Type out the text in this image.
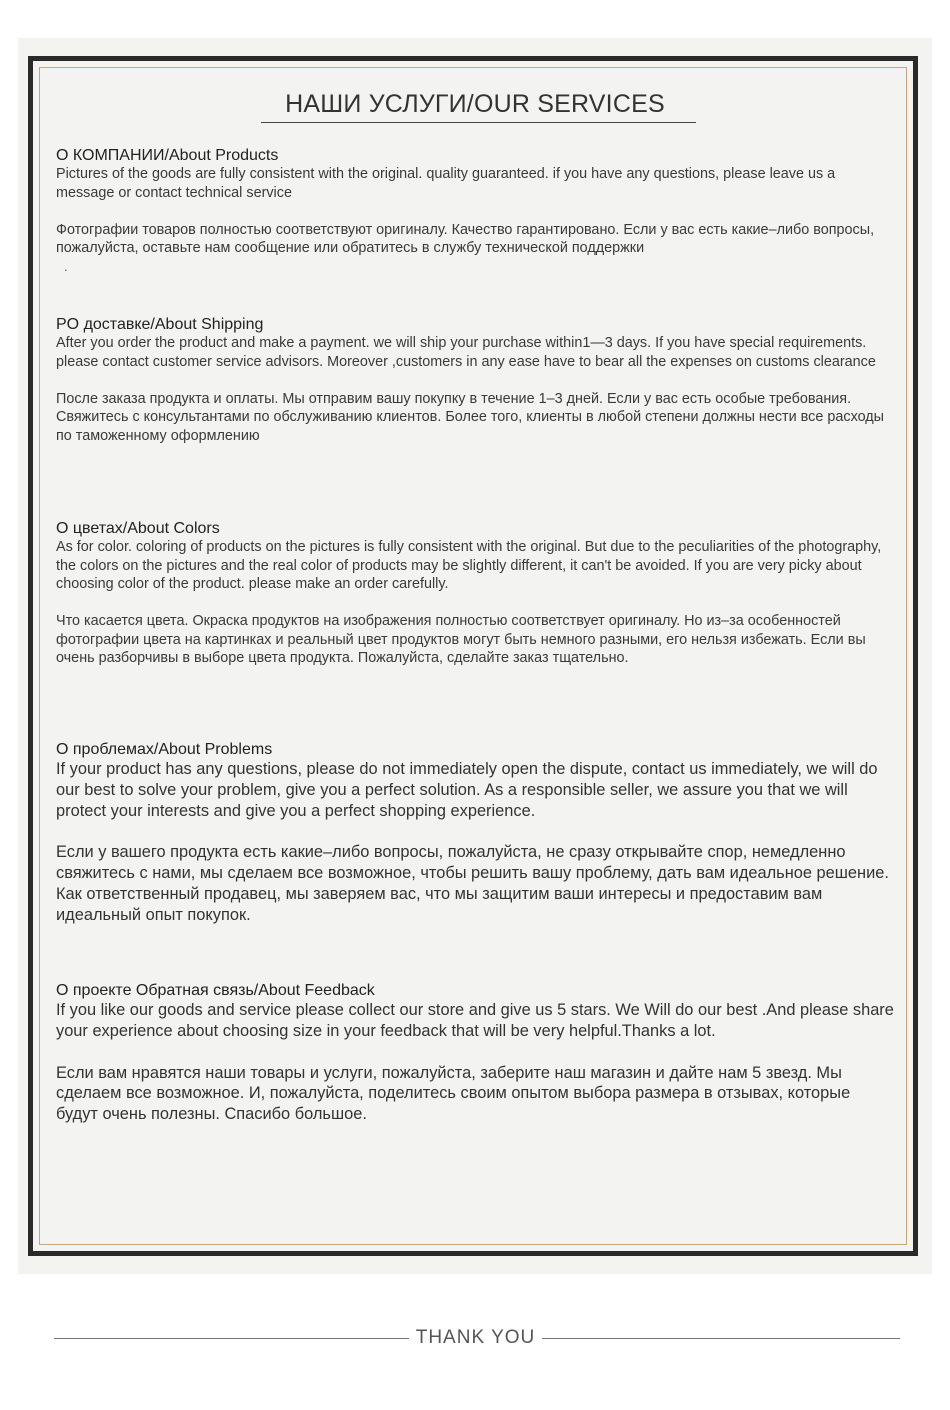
НАШИ УСЛУГИ/OUR SERVICES
О КОМПАНИИ/About Products

Pictures of the goods are fully consistent with the original. quality guaranteed. if you have any questions, please leave us a message or contact technical service

Фотографии товаров полностью соответствуют оригиналу. Качество гарантировано. Если у вас есть какие–либо вопросы, пожалуйста, оставьте нам сообщение или обратитесь в службу технической поддержки

.
PO доставке/About Shipping

After you order the product and make a payment. we will ship your purchase within1—3 days. If you have special requirements. please contact customer service advisors. Moreover ,customers in any ease have to bear all the expenses on customs clearance

После заказа продукта и оплаты. Мы отправим вашу покупку в течение 1–3 дней. Если у вас есть особые требования. Свяжитесь с консультантами по обслуживанию клиентов. Более того, клиенты в любой степени должны нести все расходы по таможенному оформлению

О цветах/About Colors

As for color. coloring of products on the pictures is fully consistent with the original. But due to the peculiarities of the photography, the colors on the pictures and the real color of products may be slightly different, it can't be avoided. If you are very picky about choosing color of the product. please make an order carefully.

Что касается цвета. Окраска продуктов на изображения полностью соответствует оригиналу. Но из–за особенностей фотографии цвета на картинках и реальный цвет продуктов могут быть немного разными, его нельзя избежать. Если вы очень разборчивы в выборе цвета продукта. Пожалуйста, сделайте заказ тщательно.

О проблемах/About Problems

If your product has any questions, please do not immediately open the dispute, contact us immediately, we will do our best to solve your problem, give you a perfect solution. As a responsible seller, we assure you that we will protect your interests and give you a perfect shopping experience.

Если у вашего продукта есть какие–либо вопросы, пожалуйста, не сразу открывайте спор, немедленно свяжитесь с нами, мы сделаем все возможное, чтобы решить вашу проблему, дать вам идеальное решение. Как ответственный продавец, мы заверяем вас, что мы защитим ваши интересы и предоставим вам идеальный опыт покупок.

О проекте Обратная связь/About Feedback

If you like our goods and service please collect our store and give us 5 stars. We Will do our best .And please share your experience about choosing size in your feedback that will be very helpful.Thanks a lot.

Если вам нравятся наши товары и услуги, пожалуйста, заберите наш магазин и дайте нам 5 звезд. Мы сделаем все возможное. И, пожалуйста, поделитесь своим опытом выбора размера в отзывах, которые будут очень полезны. Спасибо большое.

THANK YOU
